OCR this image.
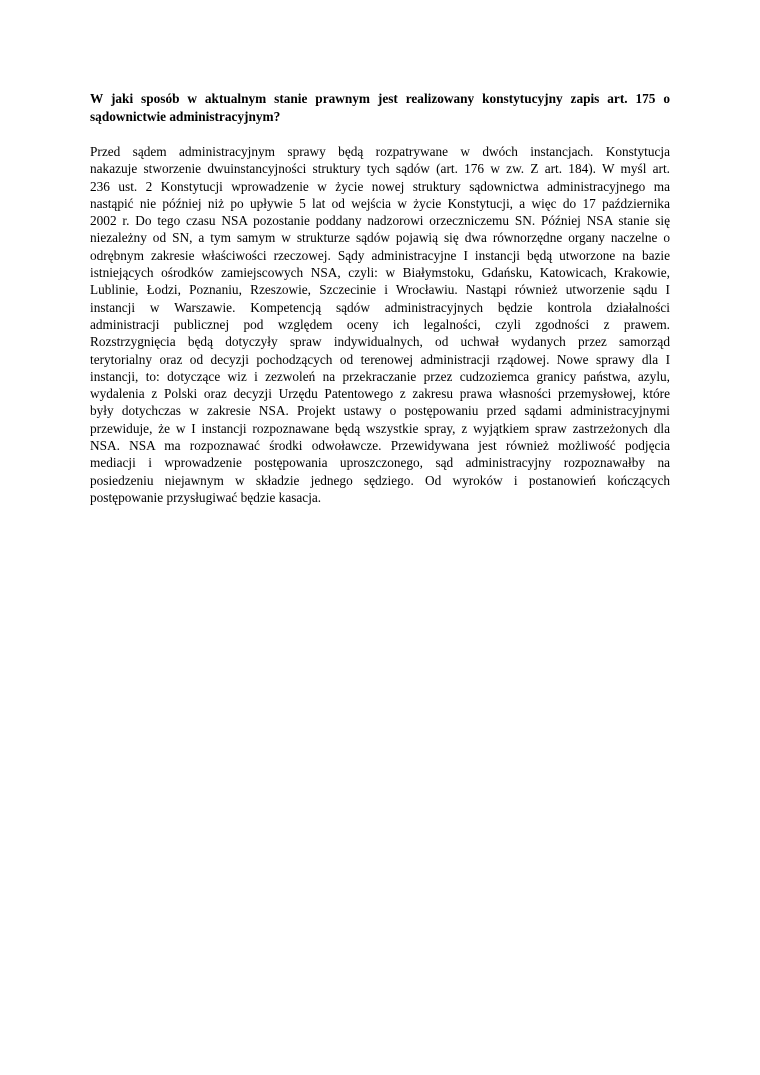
W jaki sposób w aktualnym stanie prawnym jest realizowany konstytucyjny zapis art. 175 o sądownictwie administracyjnym?

Przed sądem administracyjnym sprawy będą rozpatrywane w dwóch instancjach. Konstytucja
nakazuje stworzenie dwuinstancyjności struktury tych sądów (art. 176 w zw. Z art. 184). W myśl art.
236 ust. 2 Konstytucji wprowadzenie w życie nowej struktury sądownictwa administracyjnego ma
nastąpić nie później niż po upływie 5 lat od wejścia w życie Konstytucji, a więc do 17 października
2002 r. Do tego czasu NSA pozostanie poddany nadzorowi orzeczniczemu SN. Później NSA stanie się
niezależny od SN, a tym samym w strukturze sądów pojawią się dwa równorzędne organy naczelne o
odrębnym zakresie właściwości rzeczowej. Sądy administracyjne I instancji będą utworzone na bazie
istniejących ośrodków zamiejscowych NSA, czyli: w Białymstoku, Gdańsku, Katowicach, Krakowie,
Lublinie, Łodzi, Poznaniu, Rzeszowie, Szczecinie i Wrocławiu. Nastąpi również utworzenie sądu I
instancji w Warszawie. Kompetencją sądów administracyjnych będzie kontrola działalności
administracji publicznej pod względem oceny ich legalności, czyli zgodności z prawem.
Rozstrzygnięcia będą dotyczyły spraw indywidualnych, od uchwał wydanych przez samorząd
terytorialny oraz od decyzji pochodzących od terenowej administracji rządowej. Nowe sprawy dla I
instancji, to: dotyczące wiz i zezwoleń na przekraczanie przez cudzoziemca granicy państwa, azylu,
wydalenia z Polski oraz decyzji Urzędu Patentowego z zakresu prawa własności przemysłowej, które
były dotychczas w zakresie NSA. Projekt ustawy o postępowaniu przed sądami administracyjnymi
przewiduje, że w I instancji rozpoznawane będą wszystkie spray, z wyjątkiem spraw zastrzeżonych dla
NSA. NSA ma rozpoznawać środki odwoławcze. Przewidywana jest również możliwość podjęcia
mediacji i wprowadzenie postępowania uproszczonego, sąd administracyjny rozpoznawałby na
posiedzeniu niejawnym w składzie jednego sędziego. Od wyroków i postanowień kończących
postępowanie przysługiwać będzie kasacja.
